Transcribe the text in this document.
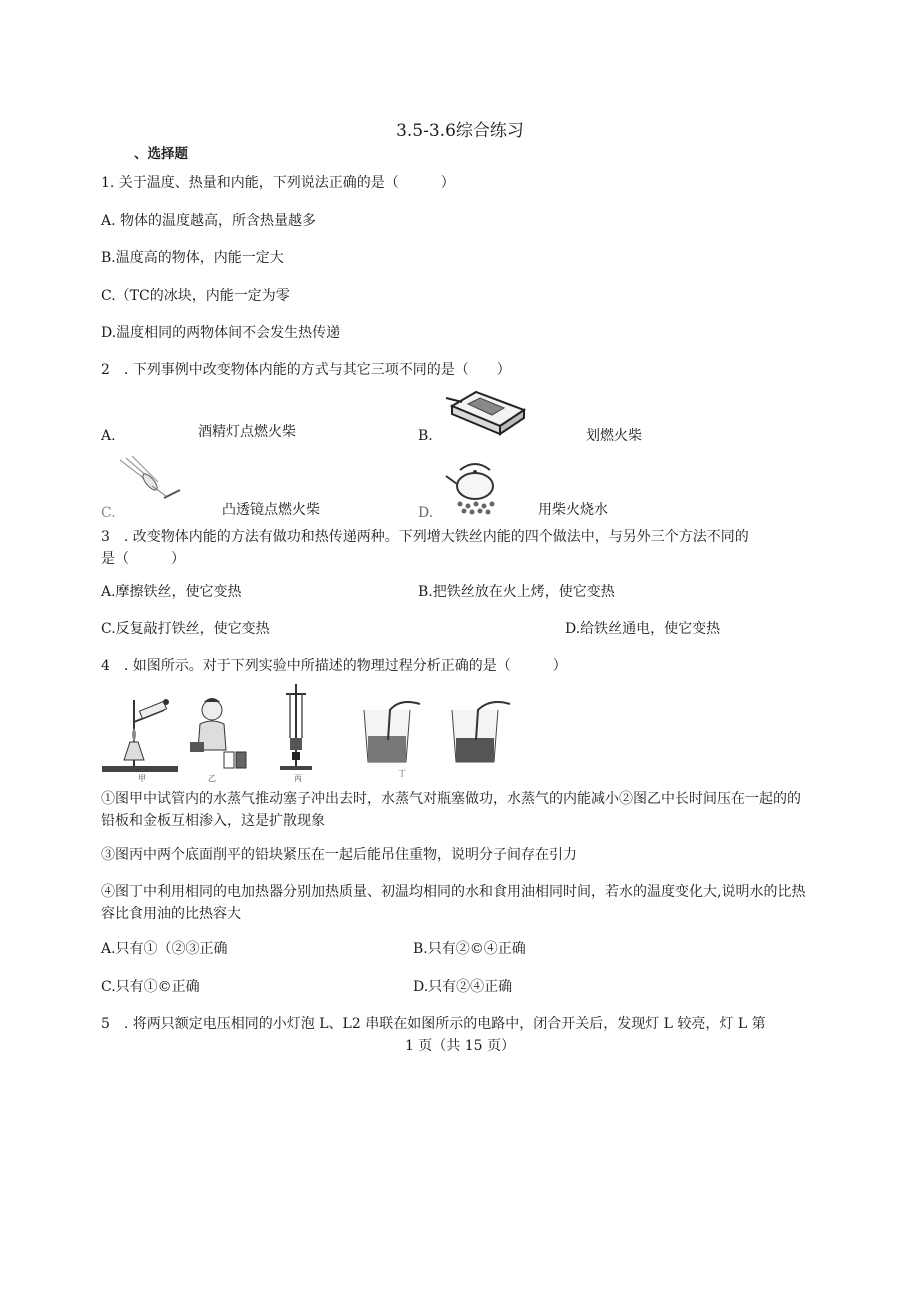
3.5-3.6综合练习
、选择题
1. 关于温度、热量和内能，下列说法正确的是（　　　）
A. 物体的温度越高，所含热量越多
B.温度高的物体，内能一定大
C.（TC的冰块，内能一定为零
D.温度相同的两物体间不会发生热传递
2　. 下列事例中改变物体内能的方式与其它三项不同的是（　　）
A.	酒精灯点燃火柴	B.	划燃火柴
C.	凸透镜点燃火柴	D.	用柴火烧水
3　. 改变物体内能的方法有做功和热传递两种。下列增大铁丝内能的四个做法中，与另外三个方法不同的
是（　　　）
A.摩擦铁丝，使它变热	B.把铁丝放在火上烤，使它变热
C.反复敲打铁丝，使它变热	D.给铁丝通电，使它变热
4　. 如图所示。对于下列实验中所描述的物理过程分析正确的是（　　　）
甲	乙	丙
丁
①图甲中试管内的水蒸气推动塞子冲出去时，水蒸气对瓶塞做功，水蒸气的内能减小②图乙中长时间压在一起的的铅板和金板互相渗入，这是扩散现象
③图丙中两个底面削平的铅块紧压在一起后能吊住重物，说明分子间存在引力
④图丁中利用相同的电加热器分别加热质量、初温均相同的水和食用油相同时间，若水的温度变化大,说明水的比热容比食用油的比热容大
A.只有①（②③正确	B.只有②©④正确
C.只有①©正确	D.只有②④正确
5　. 将两只额定电压相同的小灯泡 L、L2 串联在如图所示的电路中，闭合开关后，发现灯 L 较亮，灯 L 第
1 页（共 15 页）
